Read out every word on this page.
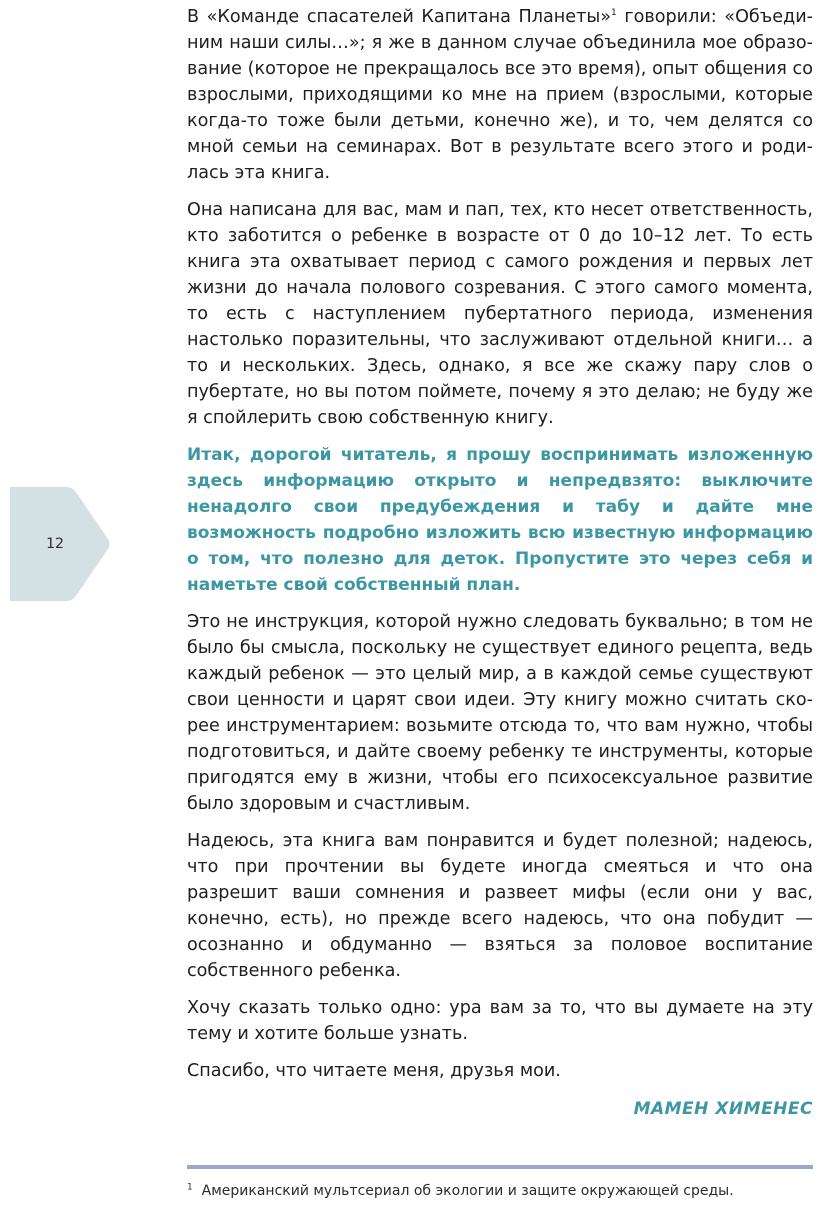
12

В «Команде спасателей Капитана Планеты»$^1$ говорили: «Объединим наши силы…»; я же в данном случае объединила мое образование (которое не прекращалось все это время), опыт общения со взрослыми, приходящими ко мне на прием (взрослыми, которые когда-то тоже были детьми, конечно же), и то, чем делятся со мной семьи на семинарах. Вот в результате всего этого и родилась эта книга.

Она написана для вас, мам и пап, тех, кто несет ответственность, кто заботится о ребенке в возрасте от 0 до 10–12 лет. То есть книга эта охватывает период с самого рождения и первых лет жизни до начала полового созревания. С этого самого момента, то есть с наступлением пубертатного периода, изменения настолько поразительны, что заслуживают отдельной книги… а то и нескольких. Здесь, однако, я все же скажу пару слов о пубертате, но вы потом поймете, почему я это делаю; не буду же я спойлерить свою собственную книгу.

Итак, дорогой читатель, я прошу воспринимать изложенную здесь информацию открыто и непредвзято: выключите ненадолго свои предубеждения и табу и дайте мне возможность подробно изложить всю известную информацию о том, что полезно для деток. Пропустите это через себя и наметьте свой собственный план.

Это не инструкция, которой нужно следовать буквально; в том не было бы смысла, поскольку не существует единого рецепта, ведь каждый ребенок — это целый мир, а в каждой семье существуют свои ценности и царят свои идеи. Эту книгу можно считать скорее инструментарием: возьмите отсюда то, что вам нужно, чтобы подготовиться, и дайте своему ребенку те инструменты, которые пригодятся ему в жизни, чтобы его психосексуальное развитие было здоровым и счастливым.

Надеюсь, эта книга вам понравится и будет полезной; надеюсь, что при прочтении вы будете иногда смеяться и что она разрешит ваши сомнения и развеет мифы (если они у вас, конечно, есть), но прежде всего надеюсь, что она побудит — осознанно и обдуманно — взяться за половое воспитание собственного ребенка.

Хочу сказать только одно: ура вам за то, что вы думаете на эту тему и хотите больше узнать.

Спасибо, что читаете меня, друзья мои.

МАМЕН ХИМЕНЕС

$^1$ Американский мультсериал об экологии и защите окружающей среды.
